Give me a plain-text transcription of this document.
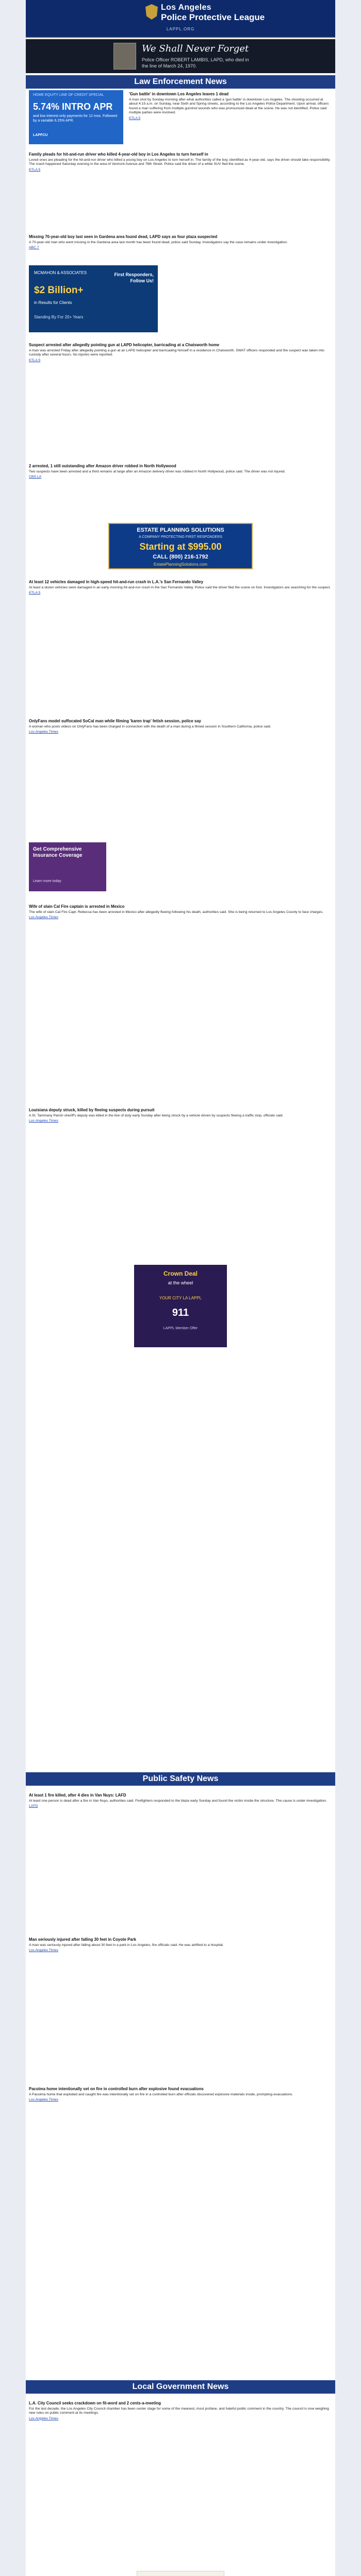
Los Angeles
Police Protective League
LAPPL.ORG
We Shall Never Forget
Police Officer ROBERT LAMBIS, LAPD, who died in the line of March 24, 1970.
Law Enforcement News
'Gun battle' in downtown Los Angeles leaves 1 dead
A man shot by Sunday morning after what authorities called a 'gun battle' in downtown Los Angeles. The shooting occurred at about 4:15 a.m. on Sunday, near Sixth and Spring streets, according to the Los Angeles Police Department. Upon arrival, officers found a man suffering from multiple gunshot wounds who was pronounced dead at the scene. He was not identified. Police said multiple parties were involved.
KTLA 5
HOME EQUITY LINE OF CREDIT SPECIAL
5.74% INTRO APR
and low interest only payments for 12 mos. Followed by a variable 6.25% APR.
LAPFCU
Family pleads for hit-and-run driver who killed 4-year-old boy in Los Angeles to turn herself in
Loved ones are pleading for the hit-and-run driver who killed a young boy on Los Angeles to turn herself in. The family of the boy, identified as 4-year-old, says the driver should take responsibility. The crash happened Saturday evening in the area of Vermont Avenue and 76th Street. Police said the driver of a white SUV fled the scene.
KTLA 5
Missing 70-year-old boy last seen in Gardena area found dead, LAPD says as four plaza suspected
A 70-year-old man who went missing in the Gardena area last month has been found dead, police said Sunday. Investigators say the case remains under investigation.
ABC 7
MCMAHON & ASSOCIATES
$2 Billion+
in Results for Clients
Standing By For 20+ Years
First Responders, Follow Us!
Suspect arrested after allegedly pointing gun at LAPD helicopter, barricading at a Chatsworth home
A man was arrested Friday after allegedly pointing a gun at an LAPD helicopter and barricading himself in a residence in Chatsworth. SWAT officers responded and the suspect was taken into custody after several hours. No injuries were reported.
KTLA 5
2 arrested, 1 still outstanding after Amazon driver robbed in North Hollywood
Two suspects have been arrested and a third remains at large after an Amazon delivery driver was robbed in North Hollywood, police said. The driver was not injured.
CBS LA
ESTATE PLANNING SOLUTIONS
A COMPANY PROTECTING FIRST RESPONDERS
Starting at $995.00
CALL (800) 216-1792
EstatePlanningSolutions.com
At least 12 vehicles damaged in high-speed hit-and-run crash in L.A.'s San Fernando Valley
At least a dozen vehicles were damaged in an early morning hit-and-run crash in the San Fernando Valley. Police said the driver fled the scene on foot. Investigators are searching for the suspect.
KTLA 5
OnlyFans model suffocated SoCal man while filming 'karen trap' fetish session, police say
A woman who posts videos on OnlyFans has been charged in connection with the death of a man during a filmed session in Southern California, police said.
Los Angeles Times
Get Comprehensive Insurance Coverage
Learn more today
Wife of slain Cal Fire captain is arrested in Mexico
The wife of slain Cal Fire Capt. Rebecca has been arrested in Mexico after allegedly fleeing following his death, authorities said. She is being returned to Los Angeles County to face charges.
Los Angeles Times
Louisiana deputy struck, killed by fleeing suspects during pursuit
A St. Tammany Parish sheriff's deputy was killed in the line of duty early Sunday after being struck by a vehicle driven by suspects fleeing a traffic stop, officials said.
Los Angeles Times
Crown Deal
at the wheel
YOUR CITY LA LAPPL
911
LAPPL Member Offer
Public Safety News
At least 1 fire killed, after 4 dies in Van Nuys: LAFD
At least one person is dead after a fire in Van Nuys, authorities said. Firefighters responded to the blaze early Sunday and found the victim inside the structure. The cause is under investigation.
LAFD
Man seriously injured after falling 30 feet in Coyote Park
A man was seriously injured after falling about 30 feet in a park in Los Angeles, fire officials said. He was airlifted to a hospital.
Los Angeles Times
Pacoima home intentionally set on fire in controlled burn after explosive found evacuations
A Pacoima home that exploded and caught fire was intentionally set on fire in a controlled burn after officials discovered explosive materials inside, prompting evacuations.
Los Angeles Times
Local Government News
L.A. City Council seeks crackdown on fit-word and 2 cents-a-meeting
For the last decade, the Los Angeles City Council chamber has been center stage for some of the meanest, most profane, and hateful public comment in the country. The council is now weighing new rules on public comment at its meetings.
Los Angeles Times
